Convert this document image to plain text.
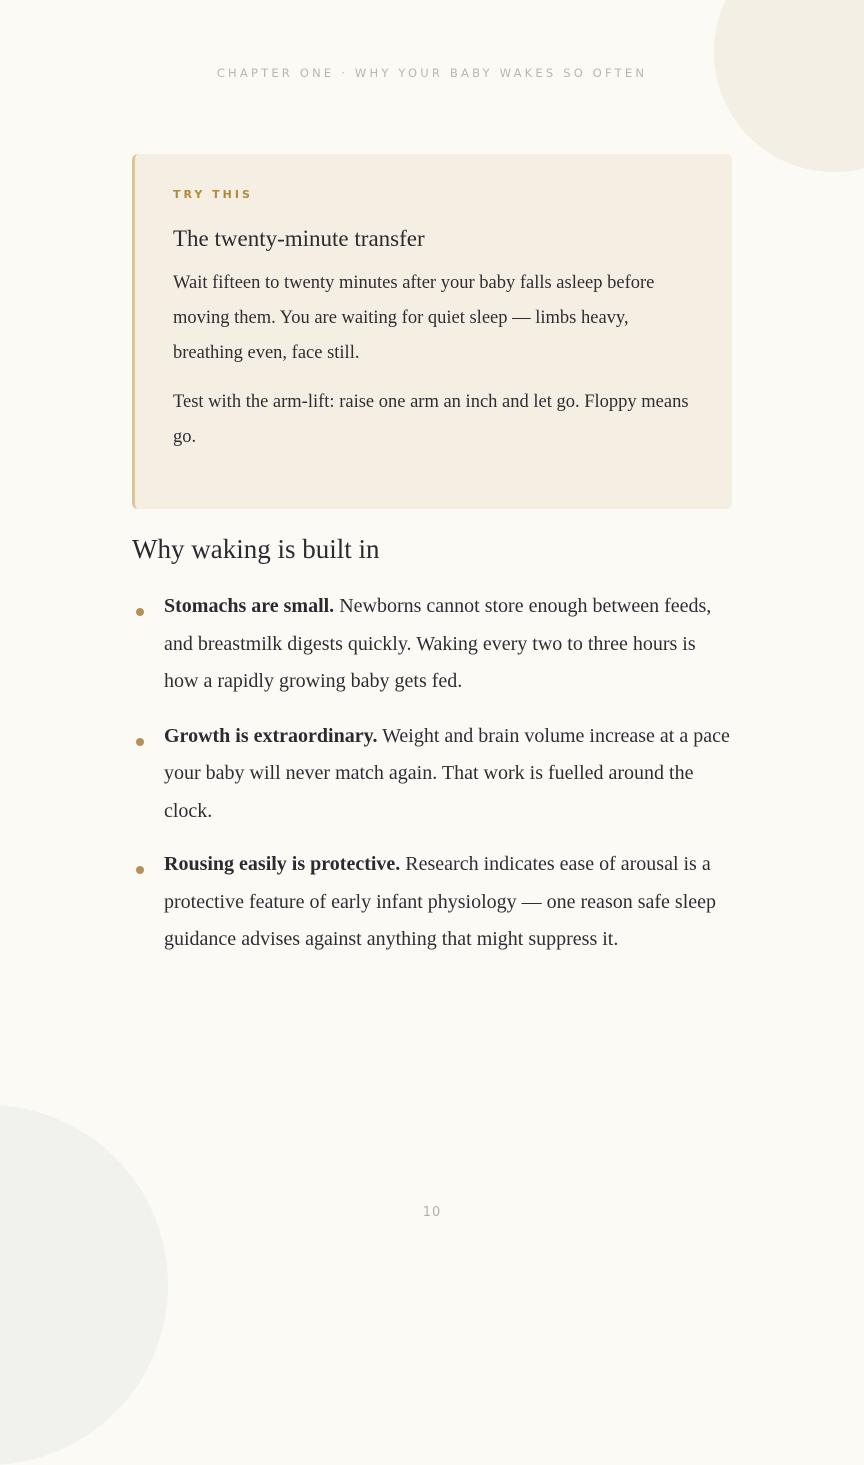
CHAPTER ONE · WHY YOUR BABY WAKES SO OFTEN

TRY THIS

The twenty-minute transfer

Wait fifteen to twenty minutes after your baby falls asleep before moving them. You are waiting for quiet sleep — limbs heavy, breathing even, face still.

Test with the arm-lift: raise one arm an inch and let go. Floppy means go.

Why waking is built in
Stomachs are small. Newborns cannot store enough between feeds, and breastmilk digests quickly. Waking every two to three hours is how a rapidly growing baby gets fed.
Growth is extraordinary. Weight and brain volume increase at a pace your baby will never match again. That work is fuelled around the clock.
Rousing easily is protective. Research indicates ease of arousal is a protective feature of early infant physiology — one reason safe sleep guidance advises against anything that might suppress it.
10
